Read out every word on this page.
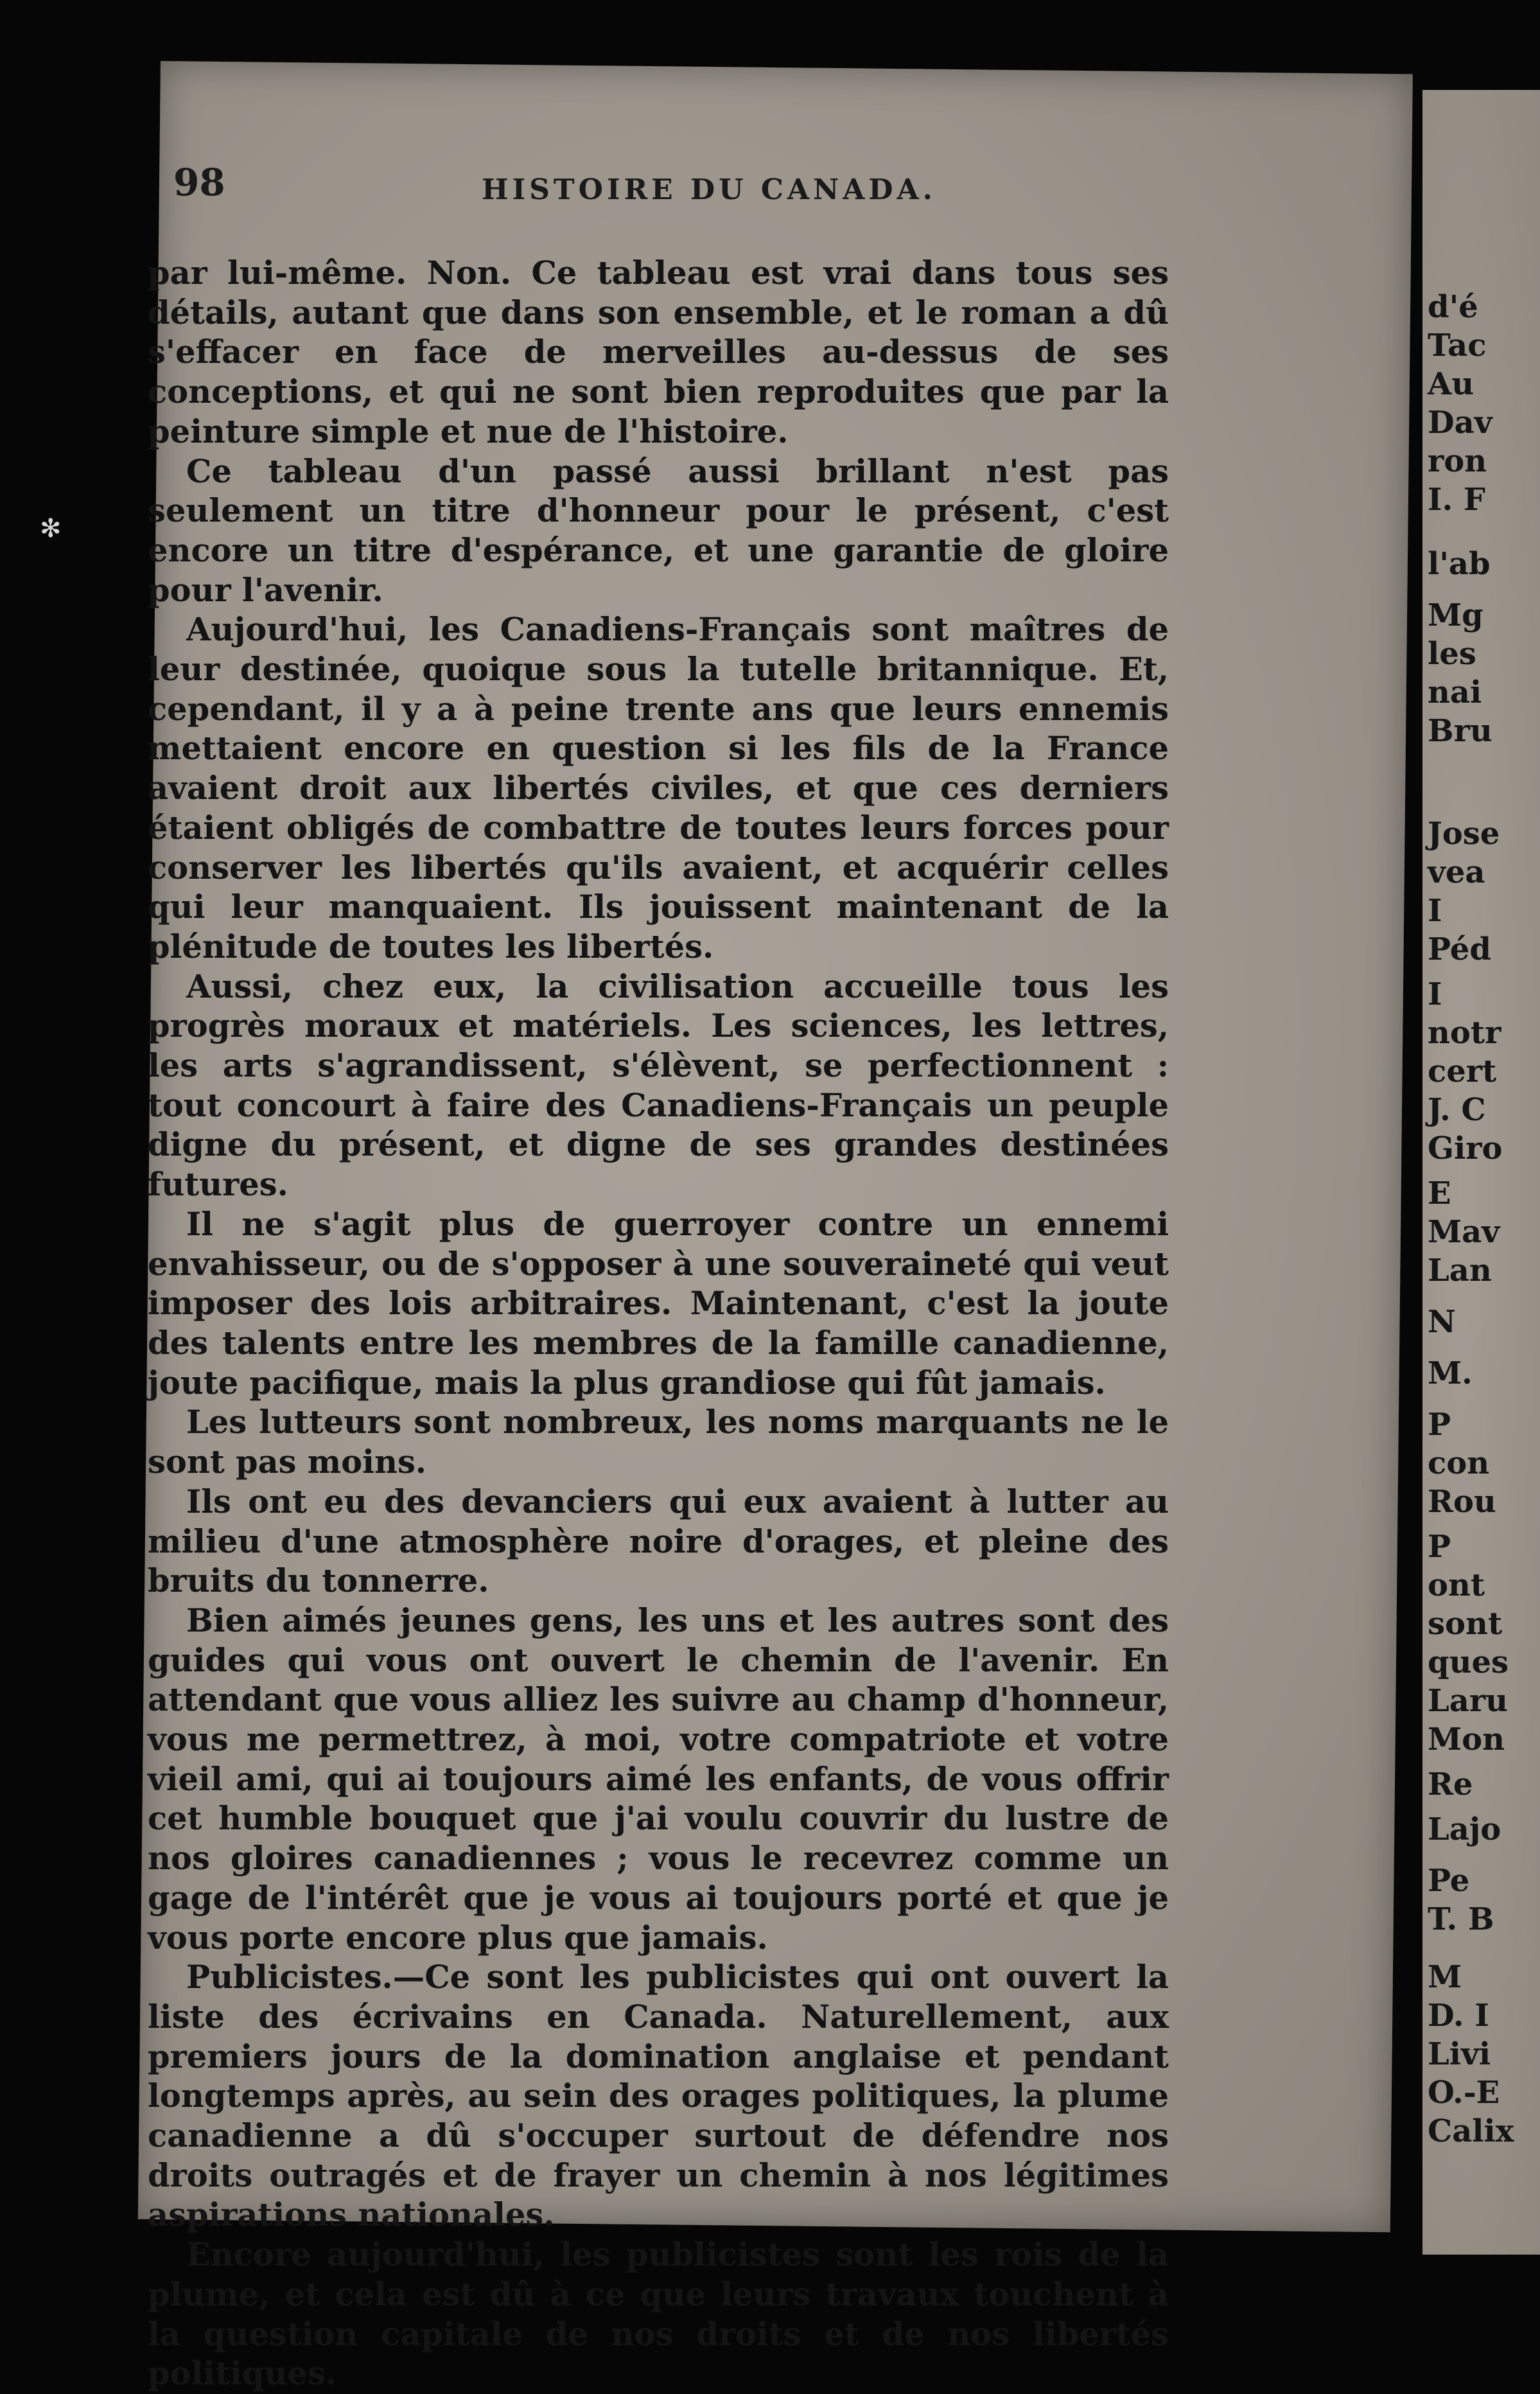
98	HISTOIRE DU CANADA.

par lui-même. Non. Ce tableau est vrai dans tous ses détails, autant que dans son ensemble, et le roman a dû s'effacer en face de merveilles au-dessus de ses conceptions, et qui ne sont bien reproduites que par la peinture simple et nue de l'histoire.

Ce tableau d'un passé aussi brillant n'est pas seulement un titre d'honneur pour le présent, c'est encore un titre d'espérance, et une garantie de gloire pour l'avenir.

Aujourd'hui, les Canadiens-Français sont maîtres de leur destinée, quoique sous la tutelle britannique. Et, cependant, il y a à peine trente ans que leurs ennemis mettaient encore en question si les fils de la France avaient droit aux libertés civiles, et que ces derniers étaient obligés de combattre de toutes leurs forces pour conserver les libertés qu'ils avaient, et acquérir celles qui leur manquaient. Ils jouissent maintenant de la plénitude de toutes les libertés.

Aussi, chez eux, la civilisation accueille tous les progrès moraux et matériels. Les sciences, les lettres, les arts s'agrandissent, s'élèvent, se perfectionnent : tout concourt à faire des Canadiens-Français un peuple digne du présent, et digne de ses grandes destinées futures.

Il ne s'agit plus de guerroyer contre un ennemi envahisseur, ou de s'opposer à une souveraineté qui veut imposer des lois arbitraires. Maintenant, c'est la joute des talents entre les membres de la famille canadienne, joute pacifique, mais la plus grandiose qui fût jamais.

Les lutteurs sont nombreux, les noms marquants ne le sont pas moins.

Ils ont eu des devanciers qui eux avaient à lutter au milieu d'une atmosphère noire d'orages, et pleine des bruits du tonnerre.

Bien aimés jeunes gens, les uns et les autres sont des guides qui vous ont ouvert le chemin de l'avenir. En attendant que vous alliez les suivre au champ d'honneur, vous me permettrez, à moi, votre compatriote et votre vieil ami, qui ai toujours aimé les enfants, de vous offrir cet humble bouquet que j'ai voulu couvrir du lustre de nos gloires canadiennes ; vous le recevrez comme un gage de l'intérêt que je vous ai toujours porté et que je vous porte encore plus que jamais.

Publicistes.—Ce sont les publicistes qui ont ouvert la liste des écrivains en Canada. Naturellement, aux premiers jours de la domination anglaise et pendant longtemps après, au sein des orages politiques, la plume canadienne a dû s'occuper surtout de défendre nos droits outragés et de frayer un chemin à nos légitimes aspirations nationales.

Encore aujourd'hui, les publicistes sont les rois de la plume, et cela est dû à ce que leurs travaux touchent à la question capitale de nos droits et de nos libertés politiques.

d'é
Tac
Au
Dav
ron
I. F
l'ab
Mg
les
nai
Bru
Jose
vea
I
Péd
I
notr
cert
J. C
Giro
E
Mav
Lan
N
M.
P
con
Rou
P
ont
sont
ques
Laru
Mon
Re
Lajo
Pe
T. B
M
D. I
Livi
O.-E
Calix
✻
